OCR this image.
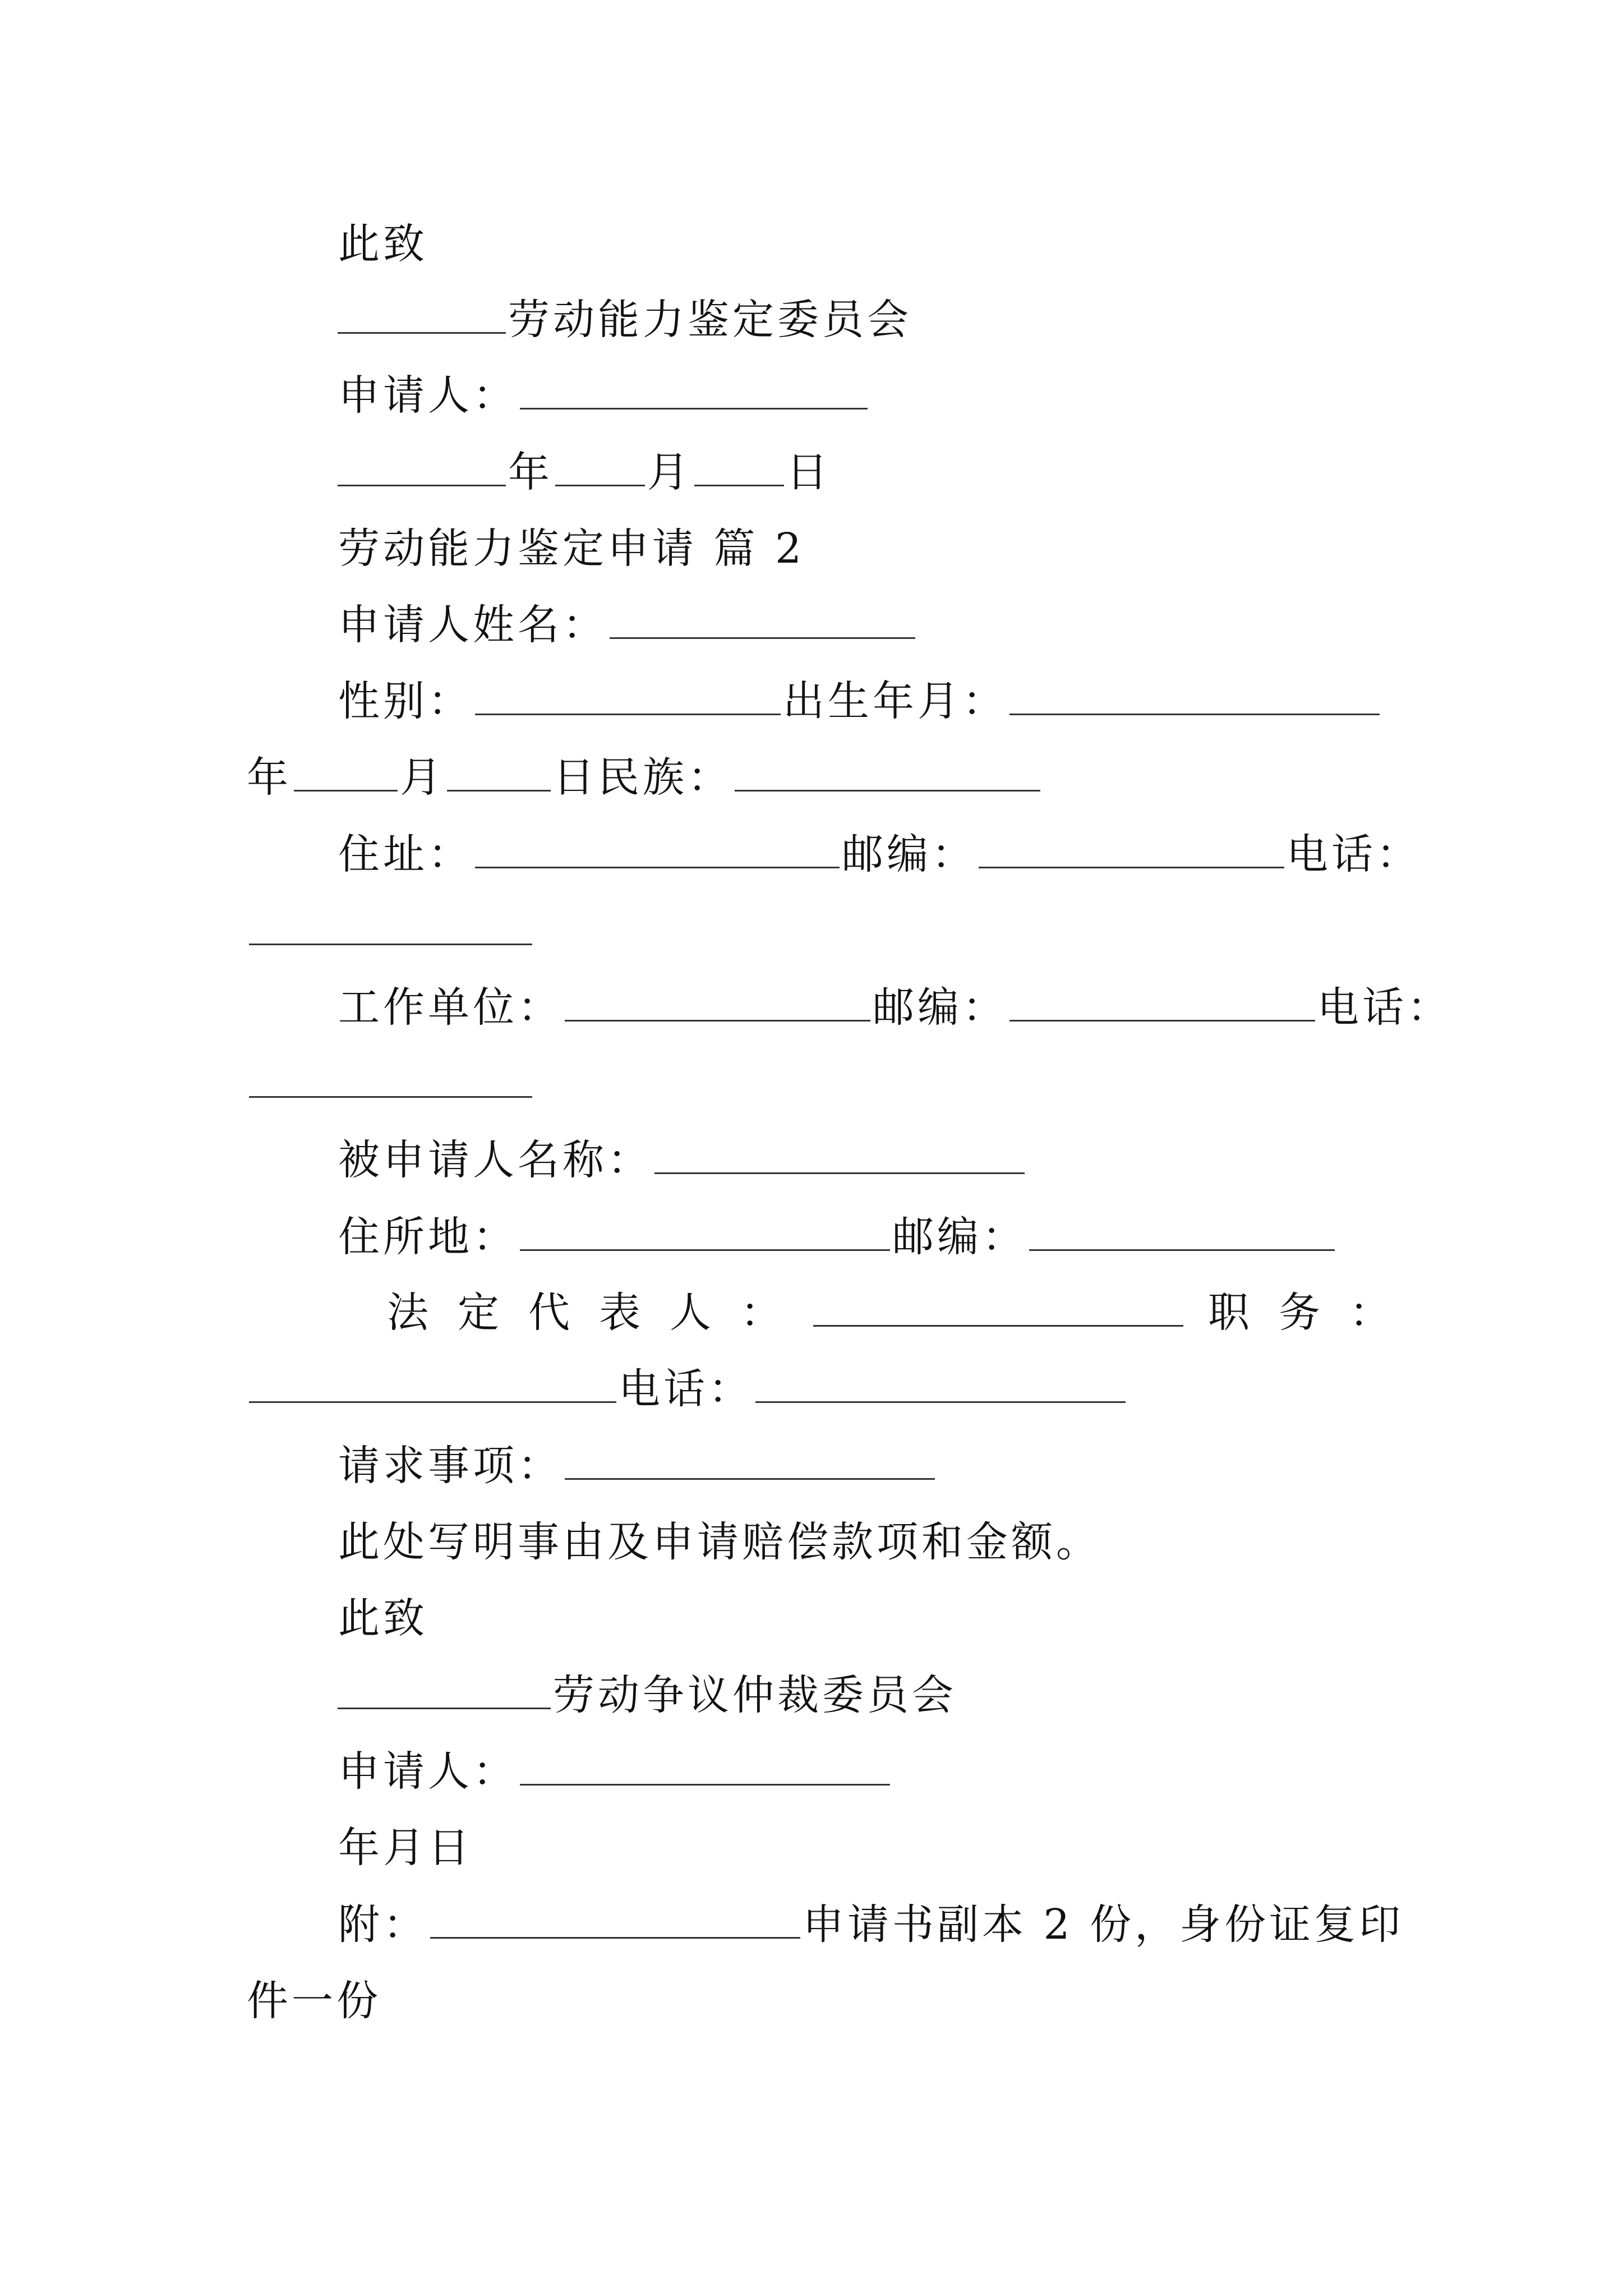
此致
劳动能力鉴定委员会
申请人：
年 月 日
劳动能力鉴定申请 篇 2
申请人姓名：
性别：	出生年月：
年	月	日民族：
住址：	邮编：	电话：
工作单位：	邮编：	电话：
被申请人名称：
住所地：	邮编：
法定代表人：	职务：
电话：
请求事项：
此处写明事由及申请赔偿款项和金额。
此致
劳动争议仲裁委员会
申请人：
年月日
附：	申请书副本 2 份，身份证复印
件一份
